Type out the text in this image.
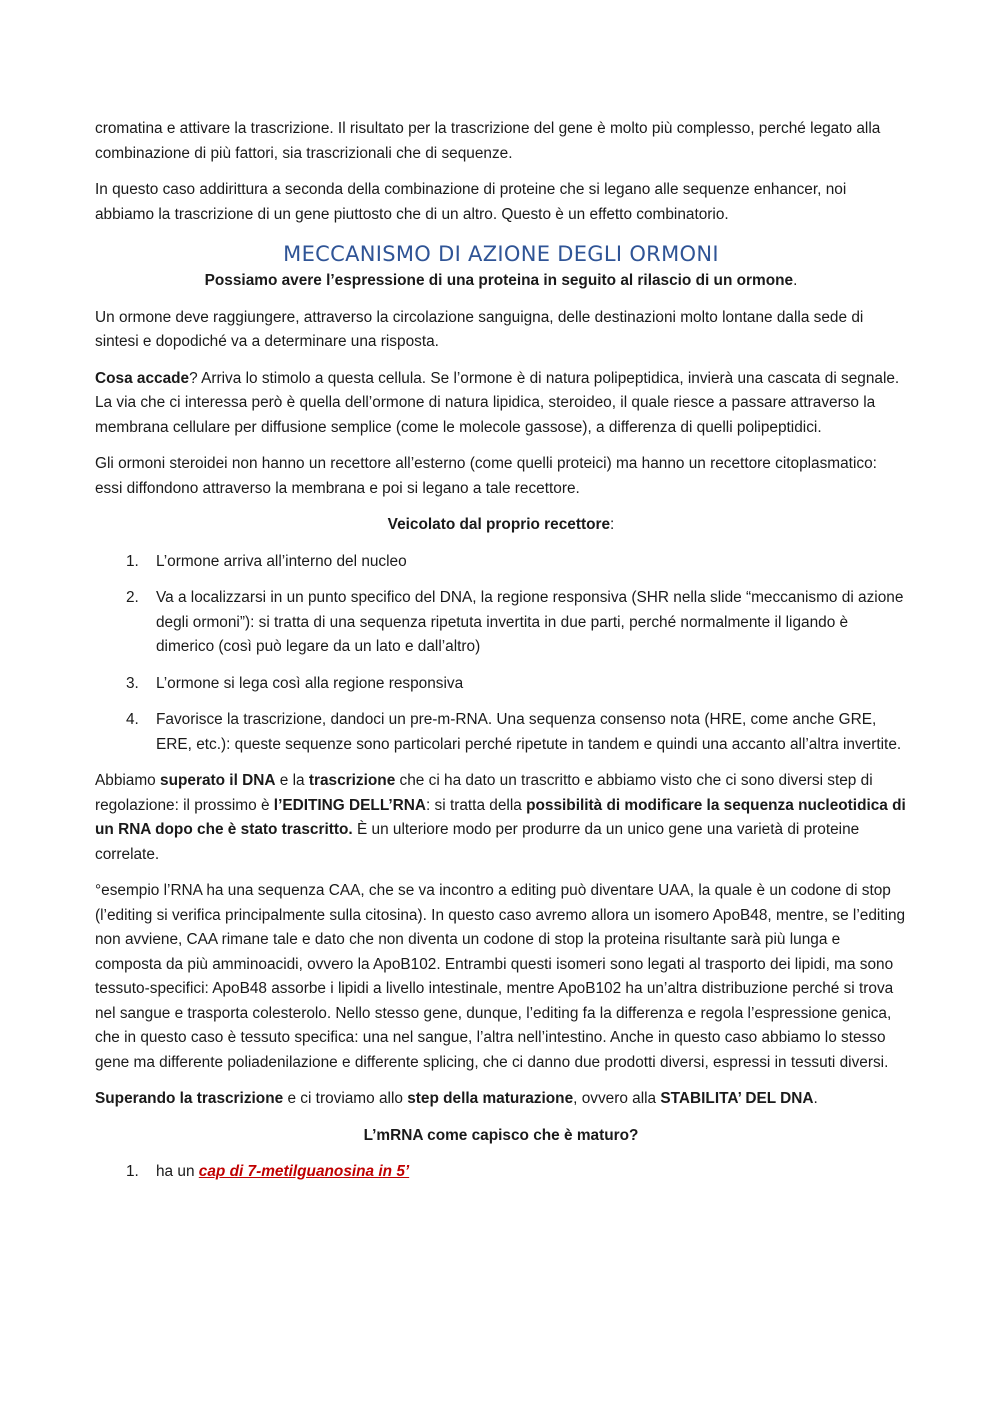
cromatina e attivare la trascrizione. Il risultato per la trascrizione del gene è molto più complesso, perché legato alla combinazione di più fattori, sia trascrizionali che di sequenze.

In questo caso addirittura a seconda della combinazione di proteine che si legano alle sequenze enhancer, noi abbiamo la trascrizione di un gene piuttosto che di un altro. Questo è un effetto combinatorio.

MECCANISMO DI AZIONE DEGLI ORMONI
Possiamo avere l’espressione di una proteina in seguito al rilascio di un ormone.

Un ormone deve raggiungere, attraverso la circolazione sanguigna, delle destinazioni molto lontane dalla sede di sintesi e dopodiché va a determinare una risposta.

Cosa accade? Arriva lo stimolo a questa cellula. Se l’ormone è di natura polipeptidica, invierà una cascata di segnale. La via che ci interessa però è quella dell’ormone di natura lipidica, steroideo, il quale riesce a passare attraverso la membrana cellulare per diffusione semplice (come le molecole gassose), a differenza di quelli polipeptidici.

Gli ormoni steroidei non hanno un recettore all’esterno (come quelli proteici) ma hanno un recettore citoplasmatico: essi diffondono attraverso la membrana e poi si legano a tale recettore.

Veicolato dal proprio recettore:

1. L’ormone arriva all’interno del nucleo
2. Va a localizzarsi in un punto specifico del DNA, la regione responsiva (SHR nella slide “meccanismo di azione degli ormoni”): si tratta di una sequenza ripetuta invertita in due parti, perché normalmente il ligando è dimerico (così può legare da un lato e dall’altro)
3. L’ormone si lega così alla regione responsiva
4. Favorisce la trascrizione, dandoci un pre-m-RNA. Una sequenza consenso nota (HRE, come anche GRE, ERE, etc.): queste sequenze sono particolari perché ripetute in tandem e quindi una accanto all’altra invertite.

Abbiamo superato il DNA e la trascrizione che ci ha dato un trascritto e abbiamo visto che ci sono diversi step di regolazione: il prossimo è l’EDITING DELL’RNA: si tratta della possibilità di modificare la sequenza nucleotidica di un RNA dopo che è stato trascritto. È un ulteriore modo per produrre da un unico gene una varietà di proteine correlate.

°esempio l’RNA ha una sequenza CAA, che se va incontro a editing può diventare UAA, la quale è un codone di stop (l’editing si verifica principalmente sulla citosina). In questo caso avremo allora un isomero ApoB48, mentre, se l’editing non avviene, CAA rimane tale e dato che non diventa un codone di stop la proteina risultante sarà più lunga e composta da più amminoacidi, ovvero la ApoB102. Entrambi questi isomeri sono legati al trasporto dei lipidi, ma sono tessuto-specifici: ApoB48 assorbe i lipidi a livello intestinale, mentre ApoB102 ha un’altra distribuzione perché si trova nel sangue e trasporta colesterolo. Nello stesso gene, dunque, l’editing fa la differenza e regola l’espressione genica, che in questo caso è tessuto specifica: una nel sangue, l’altra nell’intestino. Anche in questo caso abbiamo lo stesso gene ma differente poliadenilazione e differente splicing, che ci danno due prodotti diversi, espressi in tessuti diversi.

Superando la trascrizione e ci troviamo allo step della maturazione, ovvero alla STABILITA’ DEL DNA.

L’mRNA come capisco che è maturo?

1. ha un cap di 7-metilguanosina in 5’
